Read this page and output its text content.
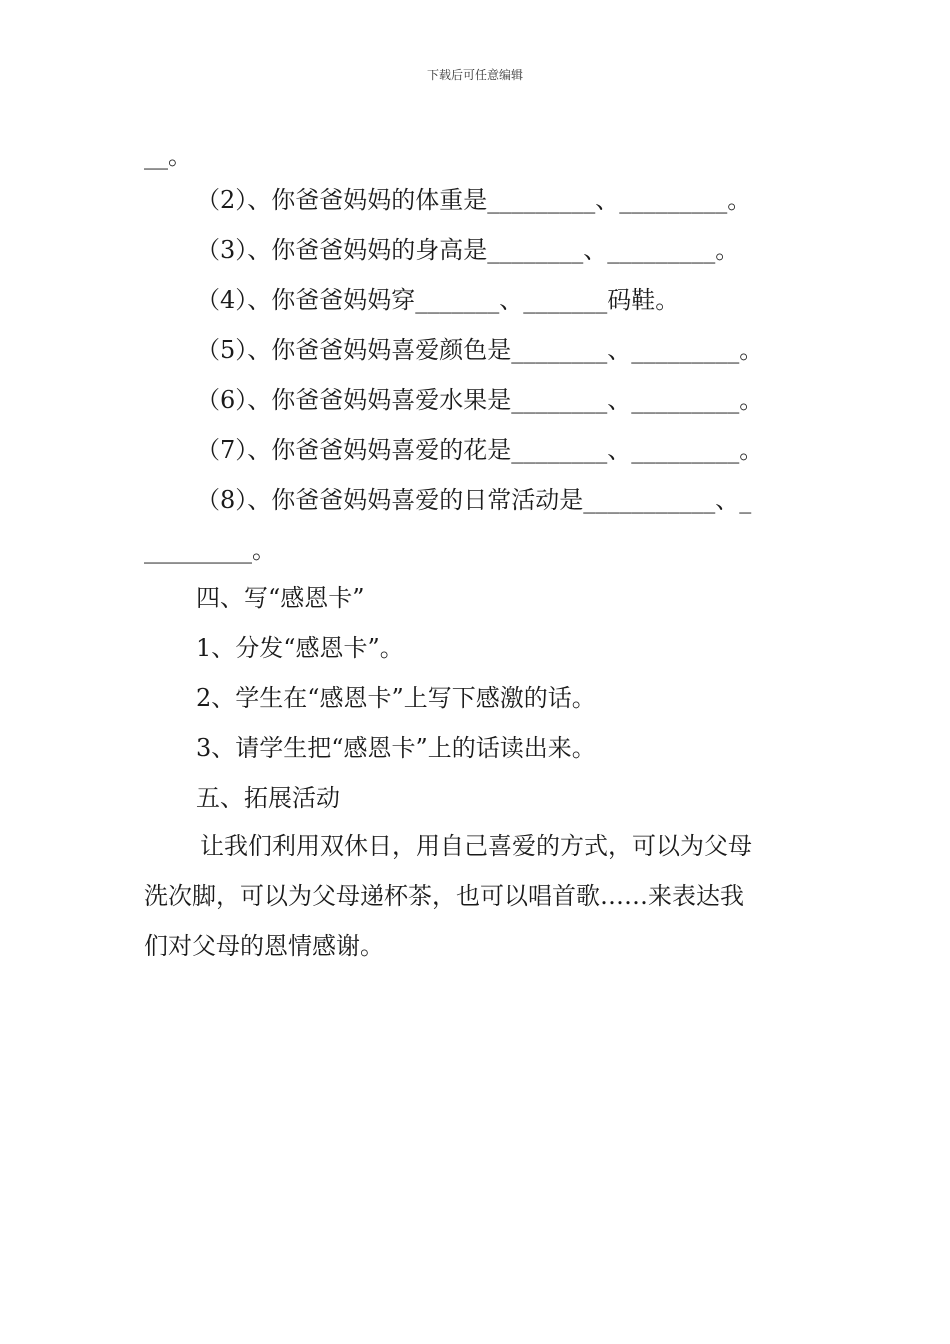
下载后可任意编辑
__。
（2）、你爸爸妈妈的体重是_________、_________。
（3）、你爸爸妈妈的身高是________、_________。
（4）、你爸爸妈妈穿_______、_______码鞋。
（5）、你爸爸妈妈喜爱颜色是________、_________。
（6）、你爸爸妈妈喜爱水果是________、_________。
（7）、你爸爸妈妈喜爱的花是________、_________。
（8）、你爸爸妈妈喜爱的日常活动是___________、_
_________。
四、写“感恩卡”
1、分发“感恩卡”。
2、学生在“感恩卡”上写下感激的话。
3、请学生把“感恩卡”上的话读出来。
五、拓展活动
让我们利用双休日，用自己喜爱的方式，可以为父母
洗次脚，可以为父母递杯茶，也可以唱首歌……来表达我
们对父母的恩情感谢。
